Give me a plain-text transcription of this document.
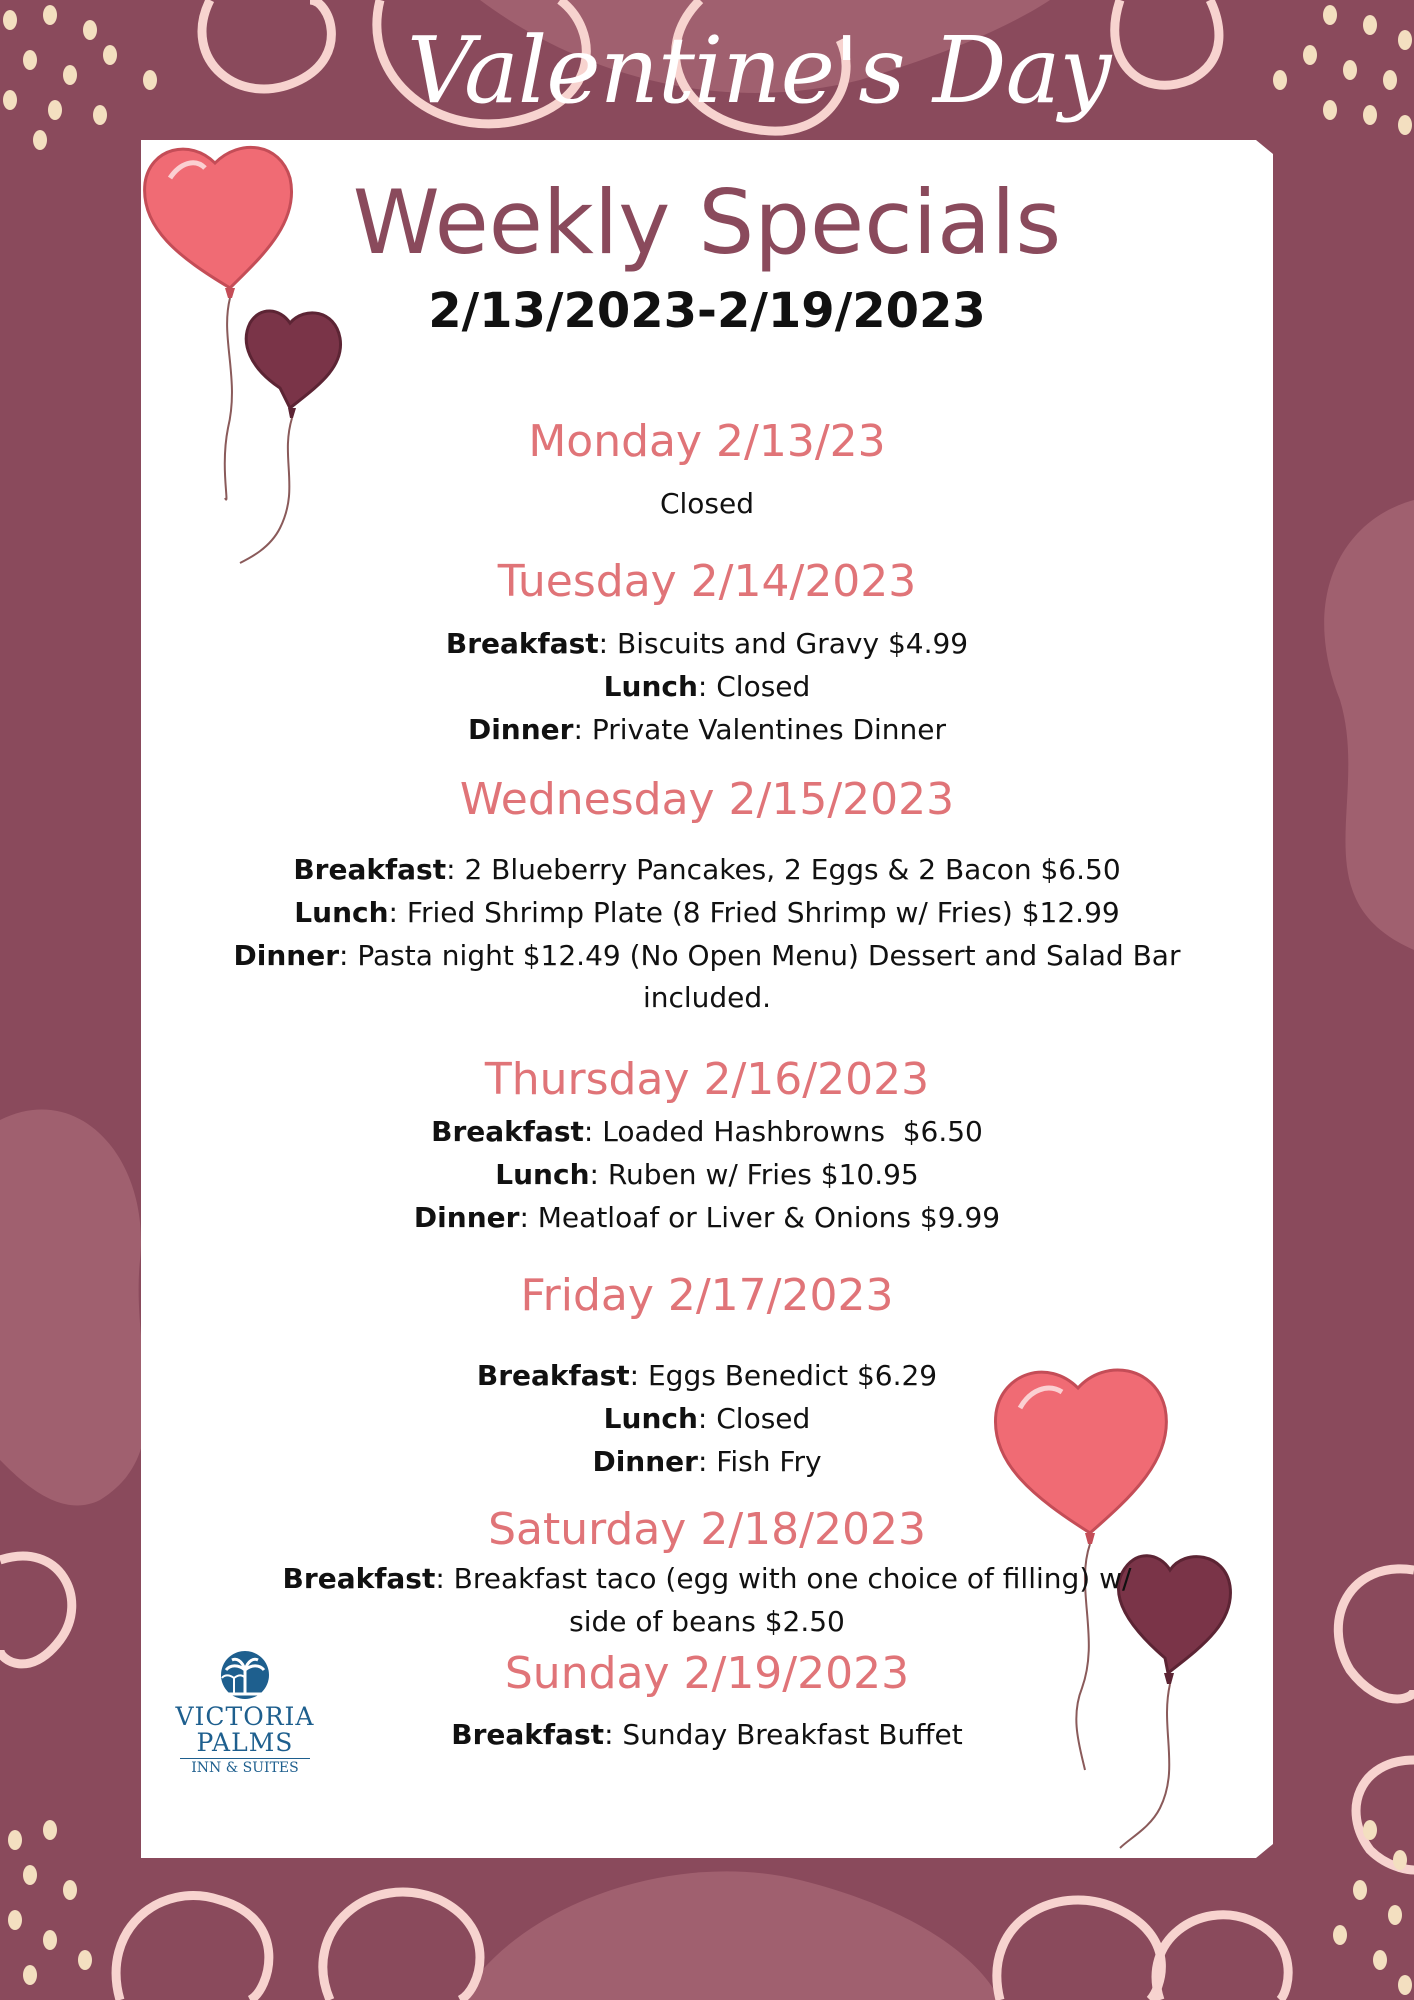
Valentine's Day
Weekly Specials
2/13/2023-2/19/2023
Monday 2/13/23
Closed
Tuesday 2/14/2023
Breakfast: Biscuits and Gravy $4.99
Lunch: Closed
Dinner: Private Valentines Dinner
Wednesday 2/15/2023
Breakfast: 2 Blueberry Pancakes, 2 Eggs & 2 Bacon $6.50
Lunch: Fried Shrimp Plate (8 Fried Shrimp w/ Fries) $12.99
Dinner: Pasta night $12.49 (No Open Menu) Dessert and Salad Bar
included.
Thursday 2/16/2023
Breakfast: Loaded Hashbrowns  $6.50
Lunch: Ruben w/ Fries $10.95
Dinner: Meatloaf or Liver & Onions $9.99
Friday 2/17/2023
Breakfast: Eggs Benedict $6.29
Lunch: Closed
Dinner: Fish Fry
Saturday 2/18/2023
Breakfast: Breakfast taco (egg with one choice of filling) w/
side of beans $2.50
Sunday 2/19/2023
Breakfast: Sunday Breakfast Buffet
VICTORIA
PALMS
INN & SUITES
